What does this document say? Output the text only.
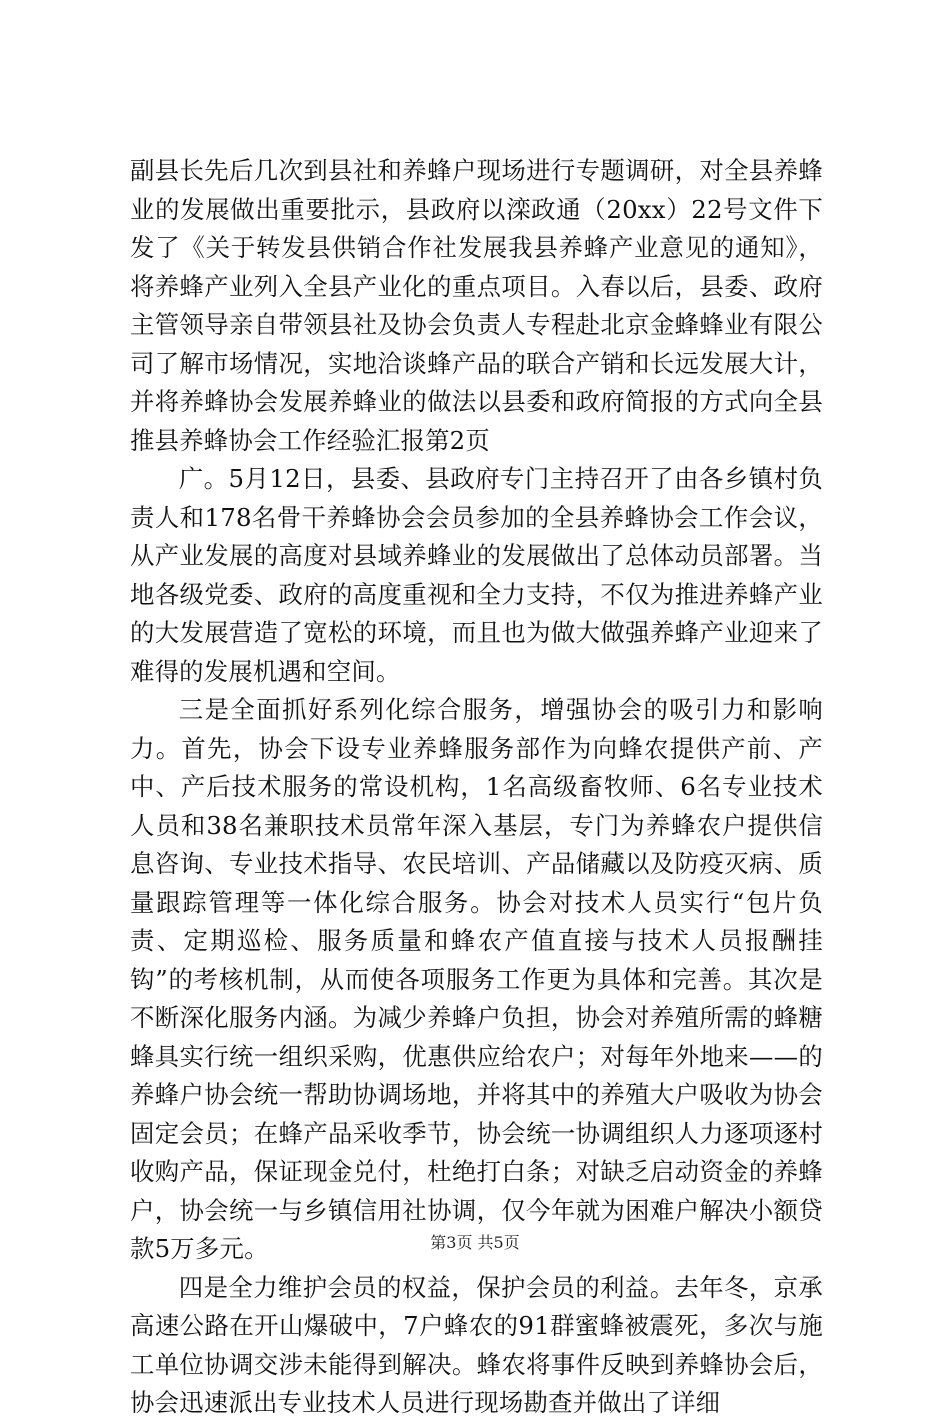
副县长先后几次到县社和养蜂户现场进行专题调研，对全县养蜂业的发展做出重要批示，县政府以滦政通（20xx）22号文件下发了《关于转发县供销合作社发展我县养蜂产业意见的通知》，将养蜂产业列入全县产业化的重点项目。入春以后，县委、政府主管领导亲自带领县社及协会负责人专程赴北京金蜂蜂业有限公司了解市场情况，实地洽谈蜂产品的联合产销和长远发展大计，并将养蜂协会发展养蜂业的做法以县委和政府简报的方式向全县推县养蜂协会工作经验汇报第2页

广。5月12日，县委、县政府专门主持召开了由各乡镇村负责人和178名骨干养蜂协会会员参加的全县养蜂协会工作会议，从产业发展的高度对县域养蜂业的发展做出了总体动员部署。当地各级党委、政府的高度重视和全力支持，不仅为推进养蜂产业的大发展营造了宽松的环境，而且也为做大做强养蜂产业迎来了难得的发展机遇和空间。

三是全面抓好系列化综合服务，增强协会的吸引力和影响力。首先，协会下设专业养蜂服务部作为向蜂农提供产前、产中、产后技术服务的常设机构，1名高级畜牧师、6名专业技术人员和38名兼职技术员常年深入基层，专门为养蜂农户提供信息咨询、专业技术指导、农民培训、产品储藏以及防疫灭病、质量跟踪管理等一体化综合服务。协会对技术人员实行“包片负责、定期巡检、服务质量和蜂农产值直接与技术人员报酬挂钩”的考核机制，从而使各项服务工作更为具体和完善。其次是不断深化服务内涵。为减少养蜂户负担，协会对养殖所需的蜂糖蜂具实行统一组织采购，优惠供应给农户；对每年外地来——的养蜂户协会统一帮助协调场地，并将其中的养殖大户吸收为协会固定会员；在蜂产品采收季节，协会统一协调组织人力逐项逐村收购产品，保证现金兑付，杜绝打白条；对缺乏启动资金的养蜂户，协会统一与乡镇信用社协调，仅今年就为困难户解决小额贷款5万多元。

四是全力维护会员的权益，保护会员的利益。去年冬，京承高速公路在开山爆破中，7户蜂农的91群蜜蜂被震死，多次与施工单位协调交涉未能得到解决。蜂农将事件反映到养蜂协会后，协会迅速派出专业技术人员进行现场勘查并做出了详细

第3页 共5页
